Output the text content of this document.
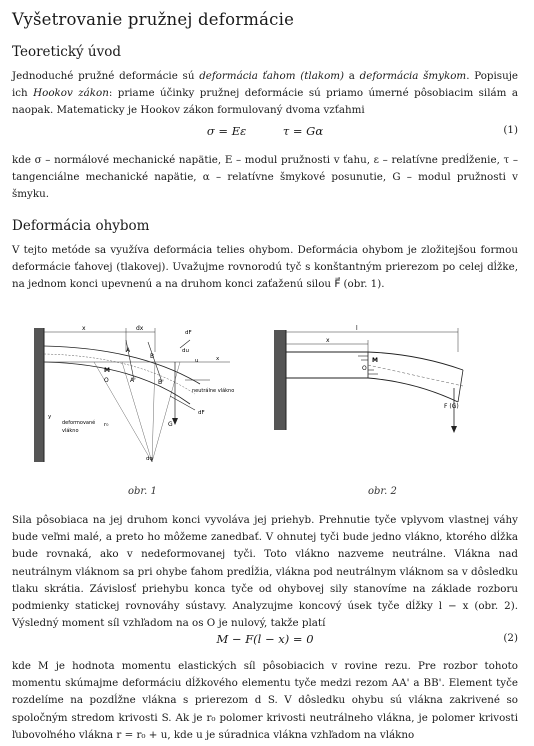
Vyšetrovanie pružnej deformácie
Teoretický úvod

Jednoduché pružné deformácie sú deformácia ťahom (tlakom) a deformácia šmykom. Popisuje ich Hookov zákon: priame účinky pružnej deformácie sú priamo úmerné pôsobiacim silám a naopak. Matematicky je Hookov zákon formulovaný dvoma vzťahmi

σ = Eε          τ = Gα	(1)

kde σ – normálové mechanické napätie, E – modul pružnosti v ťahu, ε – relatívne predĺženie, τ – tangenciálne mechanické napätie, α – relatívne šmykové posunutie, G – modul pružnosti v šmyku.

Deformácia ohybom

V tejto metóde sa využíva deformácia telies ohybom. Deformácia ohybom je zložitejšou formou deformácie ťahovej (tlakovej). Uvažujme rovnorodú tyč s konštantným prierezom po celej dĺžke, na jednom konci upevnenú a na druhom konci zaťaženú silou F⃗ (obr. 1).

x	dx
A
B
A'	B'
M
O
dF
du
u	x
neutrálne vlákno
dF
G
y
deformované
vlákno
r₀
dφ
l
x
M
O
F (G)
obr. 1	obr. 2

Sila pôsobiaca na jej druhom konci vyvoláva jej priehyb. Prehnutie tyče vplyvom vlastnej váhy bude veľmi malé, a preto ho môžeme zanedbať. V ohnutej tyči bude jedno vlákno, ktorého dĺžka bude rovnaká, ako v nedeformovanej tyči. Toto vlákno nazveme neutrálne. Vlákna nad neutrálnym vláknom sa pri ohybe ťahom predĺžia, vlákna pod neutrálnym vláknom sa v dôsledku tlaku skrátia. Závislosť priehybu konca tyče od ohybovej sily stanovíme na základe rozboru podmienky statickej rovnováhy sústavy. Analyzujme koncový úsek tyče dĺžky l − x (obr. 2). Výsledný moment síl vzhľadom na os O je nulový, takže platí

M − F(l − x) = 0	(2)

kde M je hodnota momentu elastických síl pôsobiacich v rovine rezu. Pre rozbor tohoto momentu skúmajme deformáciu dĺžkového elementu tyče medzi rezom AA' a BB'. Element tyče rozdelíme na pozdĺžne vlákna s prierezom d S. V dôsledku ohybu sú vlákna zakrivené so spoločným stredom krivosti S. Ak je r₀ polomer krivosti neutrálneho vlákna, je polomer krivosti ľubovoľného vlákna r = r₀ + u, kde u je súradnica vlákna vzhľadom na vlákno
